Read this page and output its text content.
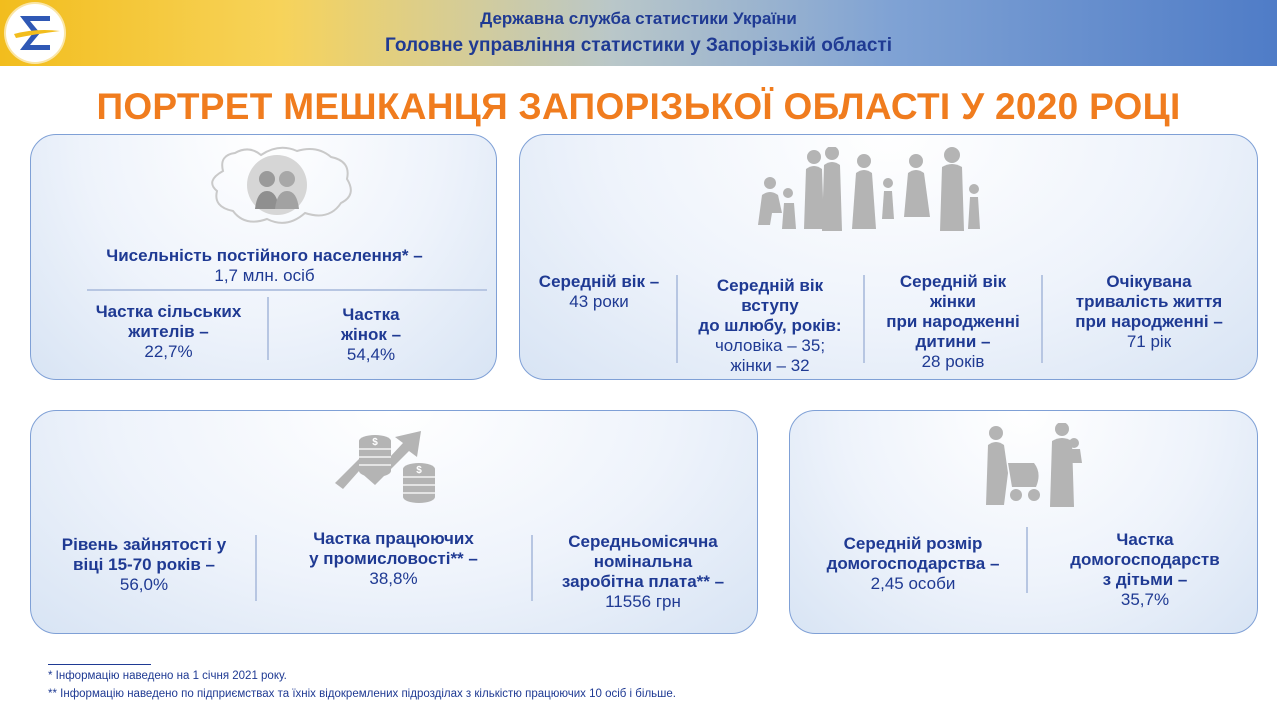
Державна служба статистики України
Головне управління статистики у Запорізькій області
ПОРТРЕТ МЕШКАНЦЯ ЗАПОРІЗЬКОЇ ОБЛАСТІ У 2020 РОЦІ
Чисельність постійного населення* –
1,7 млн. осіб
Частка сільських
жителів –
22,7%
Частка
жінок –
54,4%
Середній вік –
43 роки
Середній вік
вступу
до шлюбу, років:
чоловіка – 35;
жінки – 32
Середній вік
жінки
при народженні
дитини –
28 років
Очікувана
тривалість життя
при народженні –
71 рік
$
$
Рівень зайнятості у
віці 15-70 років –
56,0%
Частка працюючих
у промисловості** –
38,8%
Середньомісячна
номінальна
заробітна плата** –
11556 грн
Середній розмір
домогосподарства –
2,45 особи
Частка
домогосподарств
з дітьми –
35,7%
* Інформацію наведено на 1 січня 2021 року.
** Інформацію наведено по підприємствах та їхніх відокремлених підрозділах з кількістю працюючих 10 осіб і більше.
